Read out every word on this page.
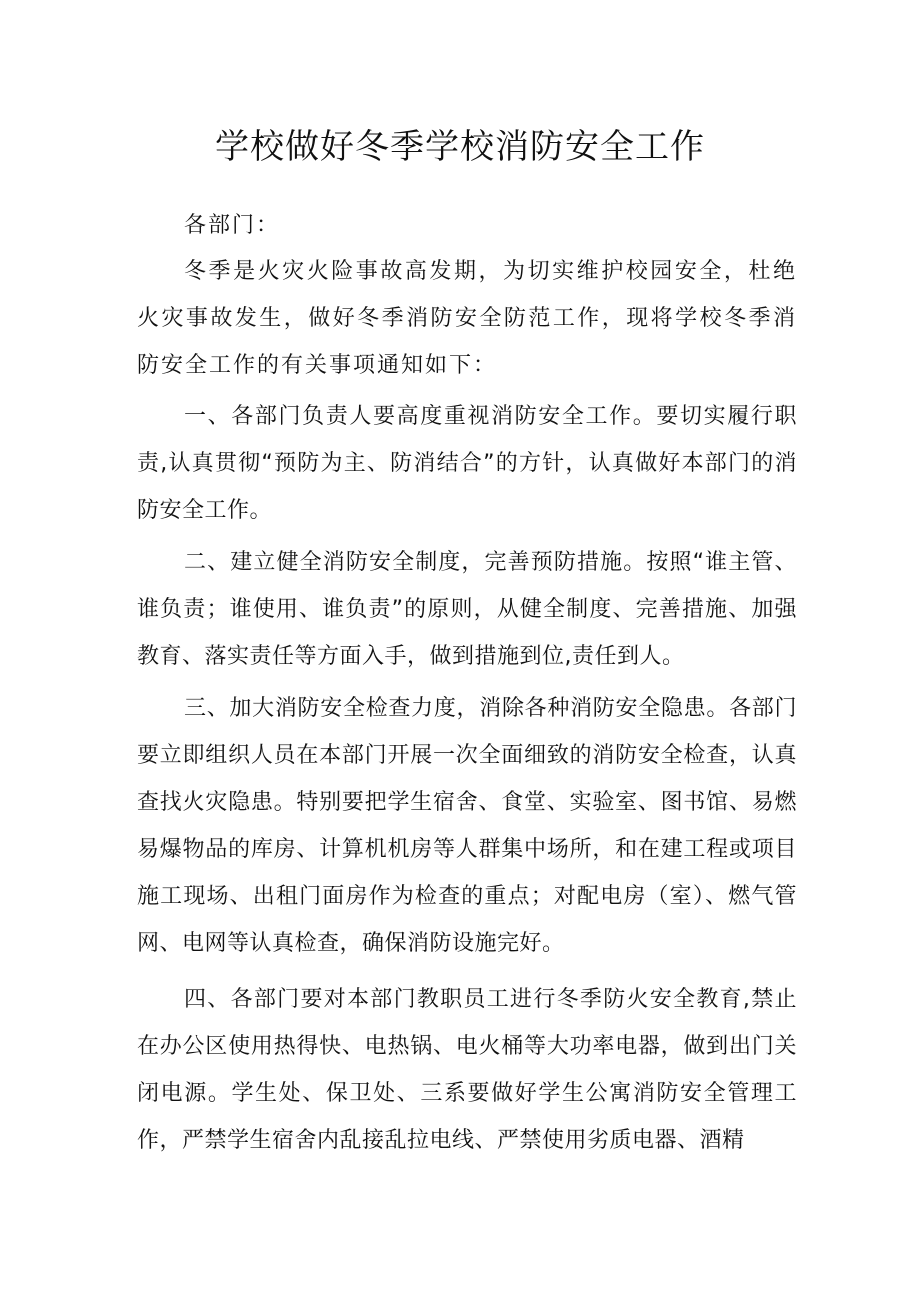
学校做好冬季学校消防安全工作

各部门：

冬季是火灾火险事故高发期，为切实维护校园安全，杜绝火灾事故发生，做好冬季消防安全防范工作，现将学校冬季消防安全工作的有关事项通知如下：

一、各部门负责人要高度重视消防安全工作。要切实履行职责,认真贯彻“预防为主、防消结合”的方针，认真做好本部门的消防安全工作。

二、建立健全消防安全制度，完善预防措施。按照“谁主管、谁负责；谁使用、谁负责”的原则，从健全制度、完善措施、加强教育、落实责任等方面入手，做到措施到位,责任到人。

三、加大消防安全检查力度，消除各种消防安全隐患。各部门要立即组织人员在本部门开展一次全面细致的消防安全检查，认真查找火灾隐患。特别要把学生宿舍、食堂、实验室、图书馆、易燃易爆物品的库房、计算机机房等人群集中场所，和在建工程或项目施工现场、出租门面房作为检查的重点；对配电房（室）、燃气管网、电网等认真检查，确保消防设施完好。

四、各部门要对本部门教职员工进行冬季防火安全教育,禁止在办公区使用热得快、电热锅、电火桶等大功率电器，做到出门关闭电源。学生处、保卫处、三系要做好学生公寓消防安全管理工作，严禁学生宿舍内乱接乱拉电线、严禁使用劣质电器、酒精
